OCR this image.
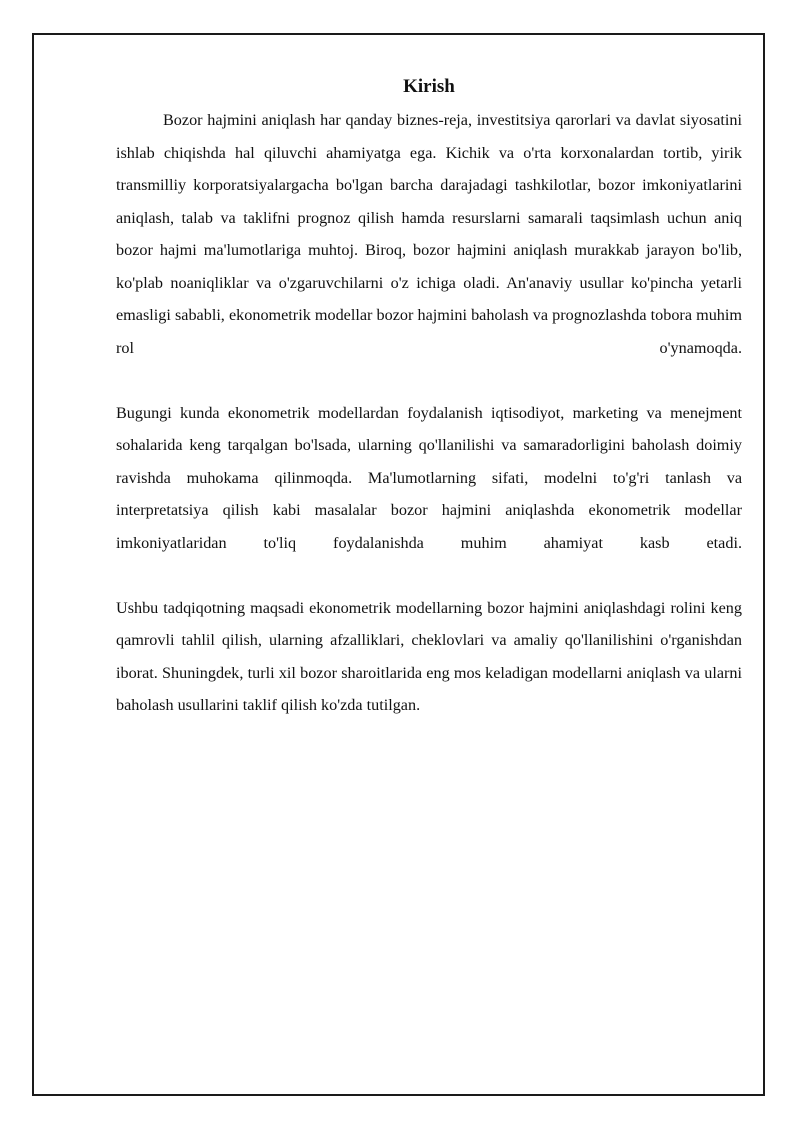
Kirish

Bozor hajmini aniqlash har qanday biznes-reja, investitsiya qarorlari va davlat siyosatini ishlab chiqishda hal qiluvchi ahamiyatga ega. Kichik va o'rta korxonalardan tortib, yirik transmilliy korporatsiyalargacha bo'lgan barcha darajadagi tashkilotlar, bozor imkoniyatlarini aniqlash, talab va taklifni prognoz qilish hamda resurslarni samarali taqsimlash uchun aniq bozor hajmi ma'lumotlariga muhtoj. Biroq, bozor hajmini aniqlash murakkab jarayon bo'lib, ko'plab noaniqliklar va o'zgaruvchilarni o'z ichiga oladi. An'anaviy usullar ko'pincha yetarli emasligi sababli, ekonometrik modellar bozor hajmini baholash va prognozlashda tobora muhim rol o'ynamoqda.

Bugungi kunda ekonometrik modellardan foydalanish iqtisodiyot, marketing va menejment sohalarida keng tarqalgan bo'lsada, ularning qo'llanilishi va samaradorligini baholash doimiy ravishda muhokama qilinmoqda. Ma'lumotlarning sifati, modelni to'g'ri tanlash va interpretatsiya qilish kabi masalalar bozor hajmini aniqlashda ekonometrik modellar imkoniyatlaridan to'liq foydalanishda muhim ahamiyat kasb etadi.

Ushbu tadqiqotning maqsadi ekonometrik modellarning bozor hajmini aniqlashdagi rolini keng qamrovli tahlil qilish, ularning afzalliklari, cheklovlari va amaliy qo'llanilishini o'rganishdan iborat. Shuningdek, turli xil bozor sharoitlarida eng mos keladigan modellarni aniqlash va ularni baholash usullarini taklif qilish ko'zda tutilgan.
